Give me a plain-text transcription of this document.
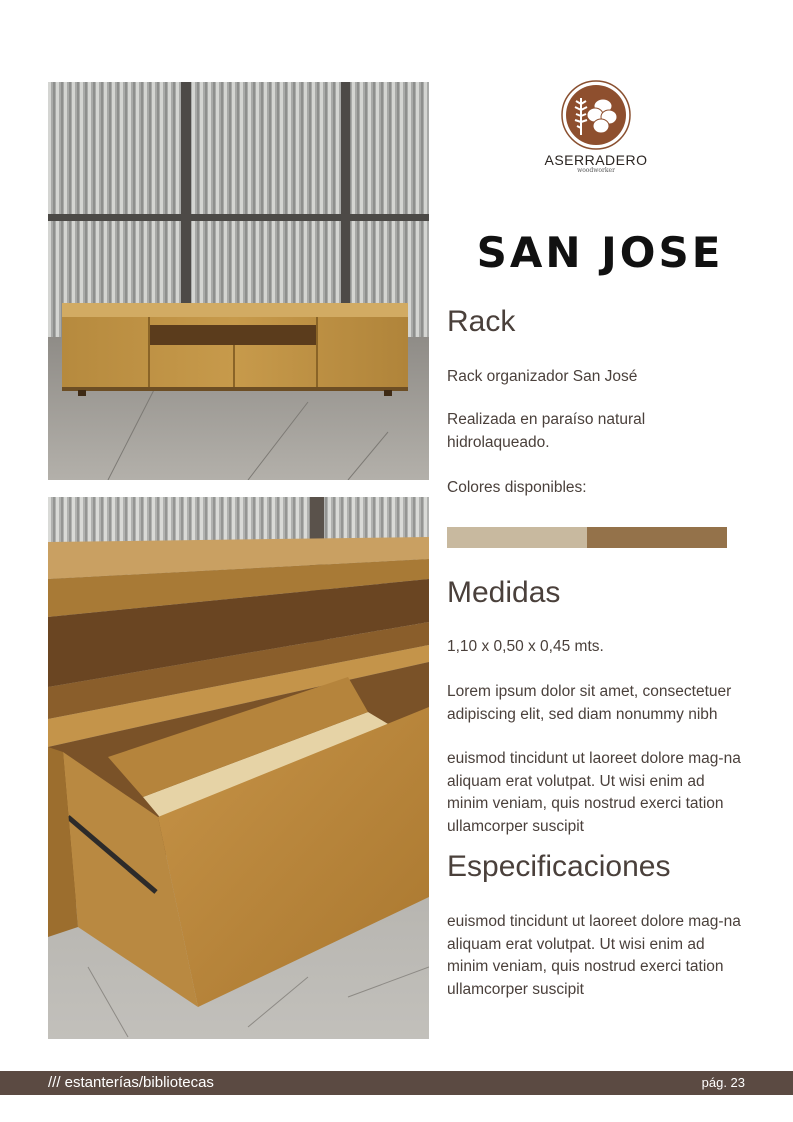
ASERRADERO
woodworker
SAN JOSE
Rack

Rack organizador San José

Realizada en paraíso natural hidrolaqueado.

Colores disponibles:

Medidas

1,10 x 0,50 x 0,45 mts.

Lorem ipsum dolor sit amet, consectetuer adipiscing elit, sed diam nonummy nibh

euismod tincidunt ut laoreet dolore mag-na aliquam erat volutpat. Ut wisi enim ad minim veniam, quis nostrud exerci tation ullamcorper suscipit

Especificaciones

euismod tincidunt ut laoreet dolore mag-na aliquam erat volutpat. Ut wisi enim ad minim veniam, quis nostrud exerci tation ullamcorper suscipit

/// estanterías/bibliotecas	pág. 23
